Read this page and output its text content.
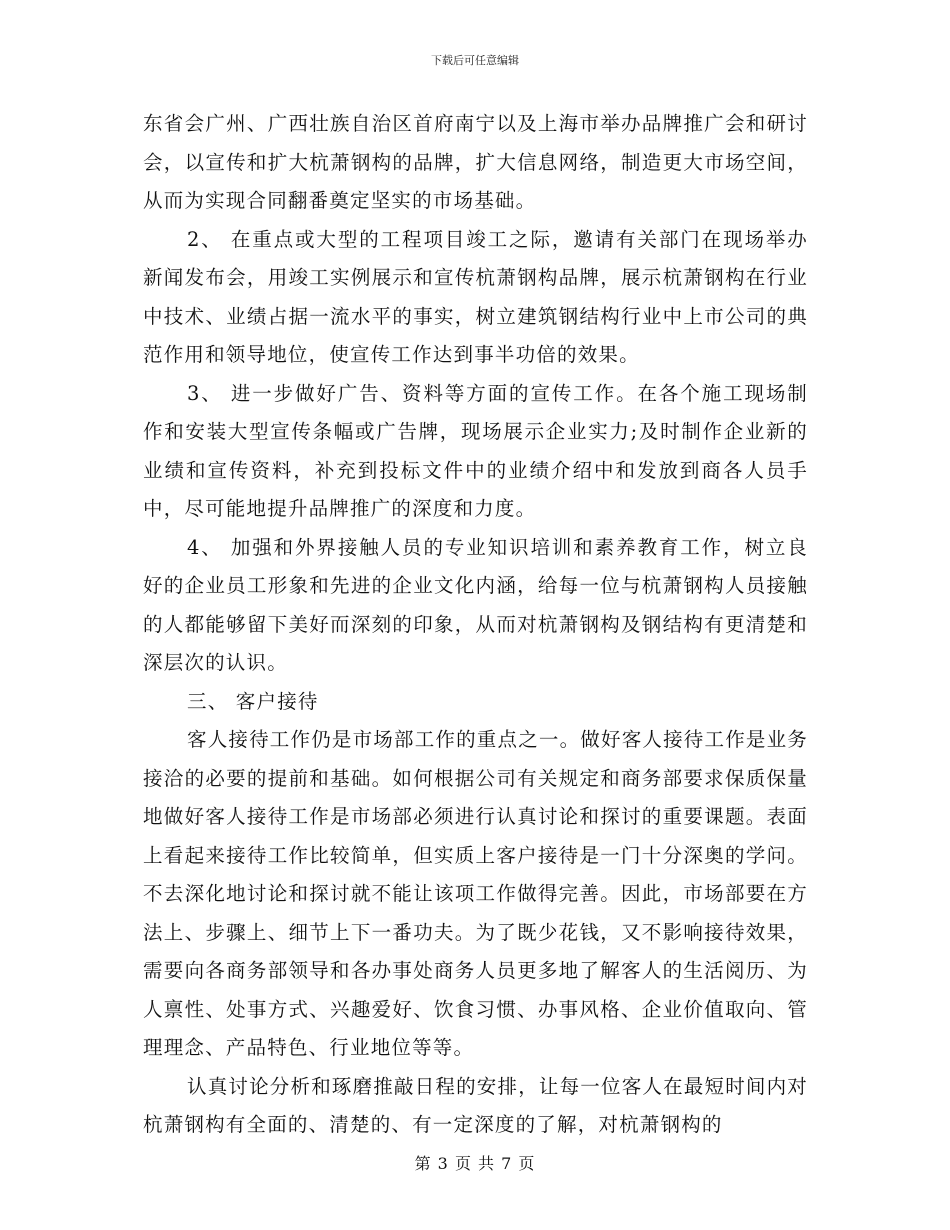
下载后可任意编辑

东省会广州、广西壮族自治区首府南宁以及上海市举办品牌推广会和研讨会，以宣传和扩大杭萧钢构的品牌，扩大信息网络，制造更大市场空间，从而为实现合同翻番奠定坚实的市场基础。

2、 在重点或大型的工程项目竣工之际，邀请有关部门在现场举办新闻发布会，用竣工实例展示和宣传杭萧钢构品牌，展示杭萧钢构在行业中技术、业绩占据一流水平的事实，树立建筑钢结构行业中上市公司的典范作用和领导地位，使宣传工作达到事半功倍的效果。

3、 进一步做好广告、资料等方面的宣传工作。在各个施工现场制作和安装大型宣传条幅或广告牌，现场展示企业实力;及时制作企业新的业绩和宣传资料，补充到投标文件中的业绩介绍中和发放到商各人员手中，尽可能地提升品牌推广的深度和力度。

4、 加强和外界接触人员的专业知识培训和素养教育工作，树立良好的企业员工形象和先进的企业文化内涵，给每一位与杭萧钢构人员接触的人都能够留下美好而深刻的印象，从而对杭萧钢构及钢结构有更清楚和深层次的认识。

三、 客户接待

客人接待工作仍是市场部工作的重点之一。做好客人接待工作是业务接洽的必要的提前和基础。如何根据公司有关规定和商务部要求保质保量地做好客人接待工作是市场部必须进行认真讨论和探讨的重要课题。表面上看起来接待工作比较简单，但实质上客户接待是一门十分深奥的学问。不去深化地讨论和探讨就不能让该项工作做得完善。因此，市场部要在方法上、步骤上、细节上下一番功夫。为了既少花钱，又不影响接待效果，需要向各商务部领导和各办事处商务人员更多地了解客人的生活阅历、为人禀性、处事方式、兴趣爱好、饮食习惯、办事风格、企业价值取向、管理理念、产品特色、行业地位等等。

认真讨论分析和琢磨推敲日程的安排，让每一位客人在最短时间内对杭萧钢构有全面的、清楚的、有一定深度的了解，对杭萧钢构的

第 3 页 共 7 页
